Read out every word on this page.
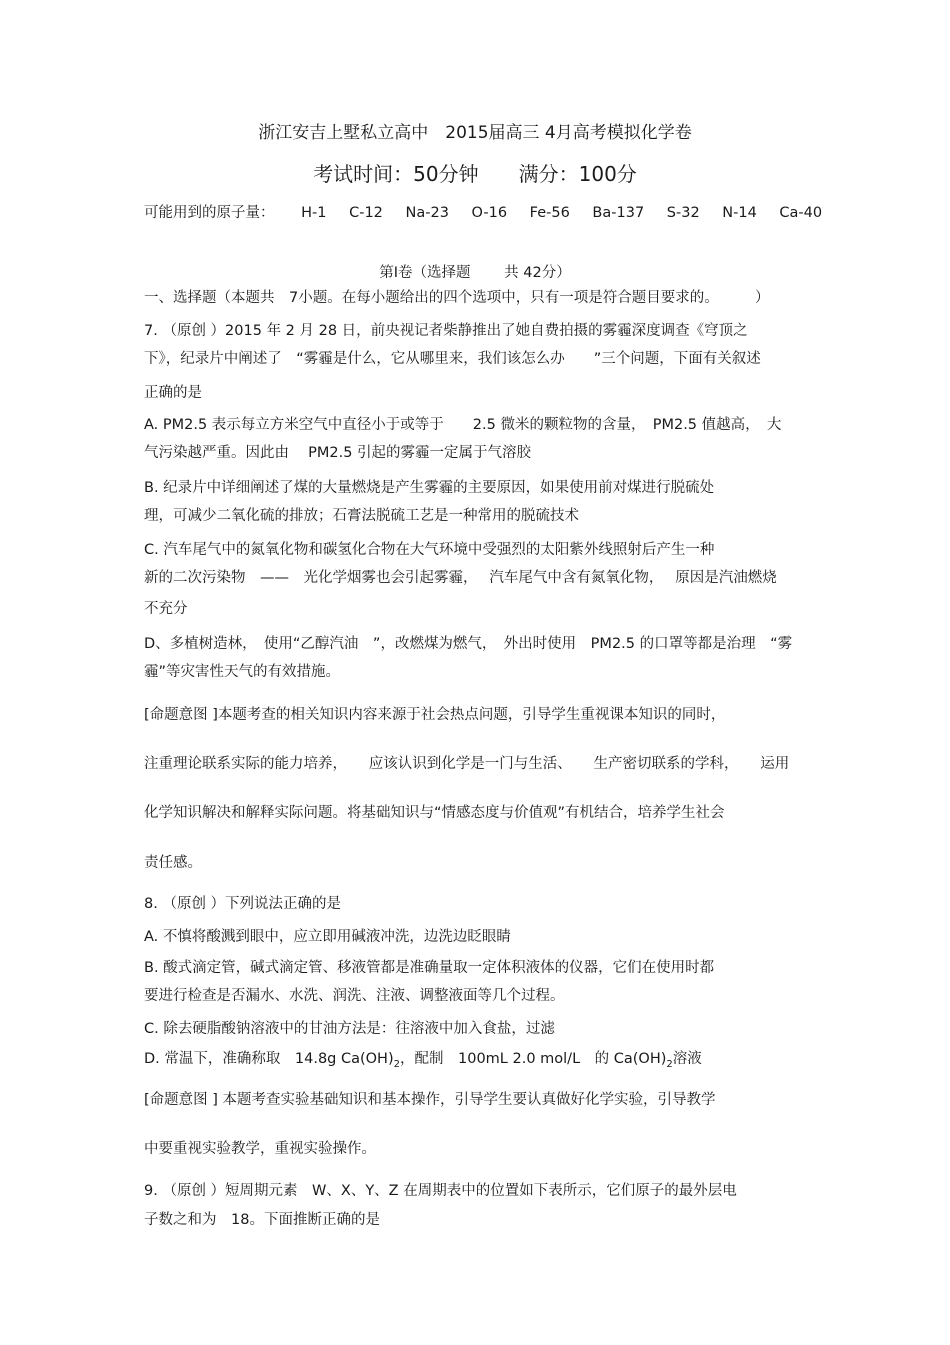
浙江安吉上墅私立高中　2015届高三 4月高考模拟化学卷
考试时间：50分钟　　满分：100分
可能用到的原子量： H-1 C-12 Na-23 O-16 Fe-56 Ba-137 S-32 N-14 Ca-40
第Ⅰ卷（选择题　　 共 42分）
一、选择题（本题共　7小题。在每小题给出的四个选项中，只有一项是符合题目要求的。　　　）
7. （原创 ）2015 年 2 月 28 日，前央视记者柴静推出了她自费拍摄的雾霾深度调查《穹顶之
下》，纪录片中阐述了　“雾霾是什么，它从哪里来，我们该怎么办　　”三个问题，下面有关叙述
正确的是
A. PM2.5 表示每立方米空气中直径小于或等于　　2.5 微米的颗粒物的含量，　PM2.5 值越高，　大
气污染越严重。因此由　 PM2.5 引起的雾霾一定属于气溶胶
B. 纪录片中详细阐述了煤的大量燃烧是产生雾霾的主要原因，如果使用前对煤进行脱硫处
理，可减少二氧化硫的排放；石膏法脱硫工艺是一种常用的脱硫技术
C. 汽车尾气中的氮氧化物和碳氢化合物在大气环境中受强烈的太阳紫外线照射后产生一种
新的二次污染物　——　光化学烟雾也会引起雾霾，　 汽车尾气中含有氮氧化物，　 原因是汽油燃烧
不充分
D、多植树造林，　使用“乙醇汽油　”，改燃煤为燃气，　外出时使用　PM2.5 的口罩等都是治理　“雾
霾”等灾害性天气的有效措施。
[命题意图 ]本题考查的相关知识内容来源于社会热点问题，引导学生重视课本知识的同时，
注重理论联系实际的能力培养，　　应该认识到化学是一门与生活、　　生产密切联系的学科，　　运用
化学知识解决和解释实际问题。将基础知识与“情感态度与价值观”有机结合，培养学生社会
责任感。
8. （原创 ）下列说法正确的是
A. 不慎将酸溅到眼中，应立即用碱液冲洗，边洗边眨眼睛
B. 酸式滴定管，碱式滴定管、移液管都是准确量取一定体积液体的仪器，它们在使用时都
要进行检查是否漏水、水洗、润洗、注液、调整液面等几个过程。
C. 除去硬脂酸钠溶液中的甘油方法是：往溶液中加入食盐，过滤
D. 常温下，准确称取　14.8g $Ca(OH)_2$，配制　100mL 2.0 mol/L　的 $Ca(OH)_2$溶液
[命题意图 ] 本题考查实验基础知识和基本操作，引导学生要认真做好化学实验，引导教学
中要重视实验教学，重视实验操作。
9. （原创 ）短周期元素　W、X、Y、Z 在周期表中的位置如下表所示，它们原子的最外层电
子数之和为　18。下面推断正确的是
